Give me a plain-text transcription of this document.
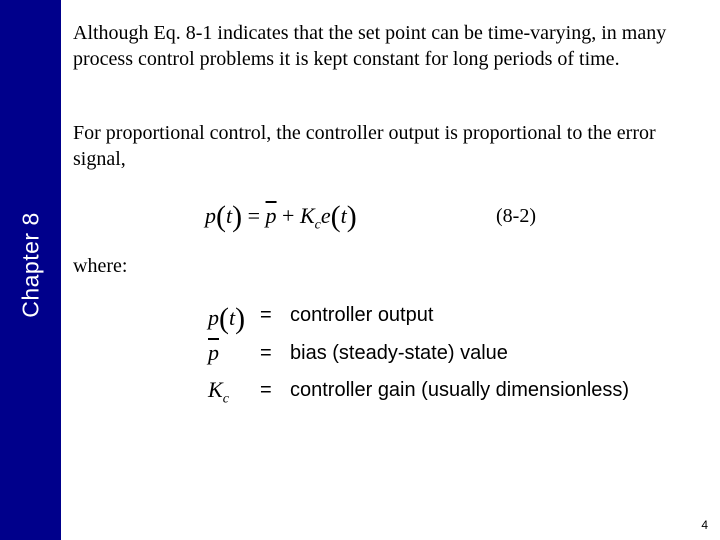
Chapter 8
Although Eq. 8-1 indicates that the set point can be time-varying, in many process control problems it is kept constant for long periods of time.
For proportional control, the controller output is proportional to the error signal,
$p(t) = \overline{p} + K_ce(t)$	(8-2)
where:
p(t) = controller output
$\overline{p}$ = bias (steady-state) value
$K_c$ = controller gain (usually dimensionless)
4
